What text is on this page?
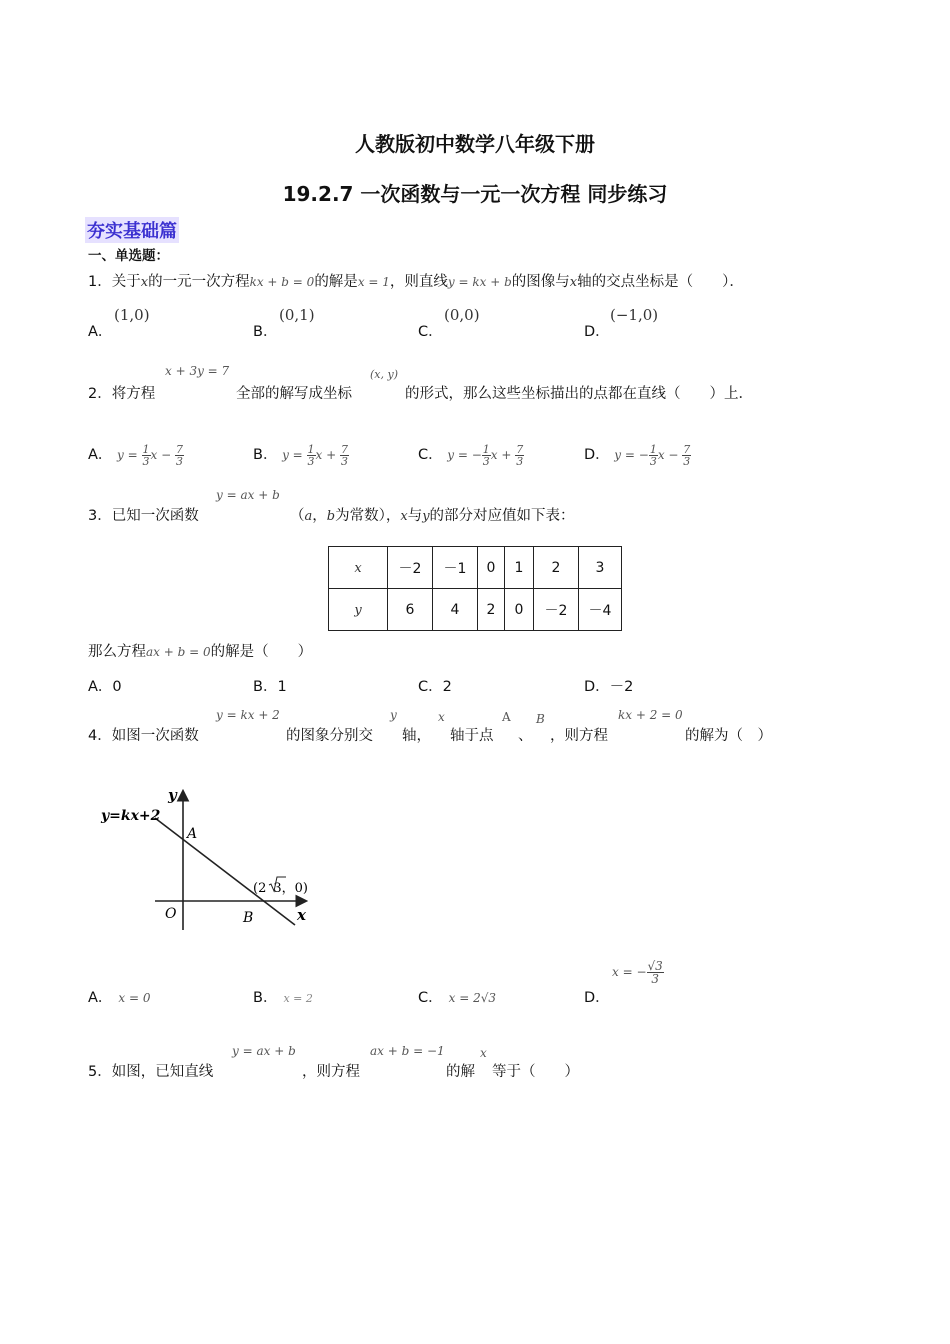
人教版初中数学八年级下册
19.2.7 一次函数与一元一次方程 同步练习
夯实基础篇
一、单选题：
1．关于x的一元一次方程kx + b = 0的解是x = 1，则直线y = kx + b的图像与x轴的交点坐标是（　　）．
A．
(1,0)
B．
(0,1)
C．
(0,0)
D．
(−1,0)
2．将方程
x + 3y = 7
全部的解写成坐标
(x, y)
的形式，那么这些坐标描出的点都在直线（　　）上．
A． $y = \frac{1}{3}$ $x - \frac{7}{3}$	B． $y = \frac{1}{3}$ $x + \frac{7}{3}$	C． y = − $\frac{1}{3}$ $x + \frac{7}{3}$	D． y = − $\frac{1}{3}$ $x - \frac{7}{3}$
3．已知一次函数
y = ax + b
（a，b为常数），x与y的部分对应值如下表：
x	－2	－1	0	1	2	3
y	6	4	2	0	－2	－4
那么方程ax + b = 0的解是（　　）
A．0	B．1	C．2	D．－2
4．如图一次函数
y = kx + 2
的图象分别交
y
轴，
x
轴于点
A
、
B
，则方程
kx + 2 = 0
的解为（　）
y=kx+2
y
x
O
A
B
(2 3，0)
A． x = 0	B． x = 2	C． x = 2√3	D．
x = − $\frac{√3}{3}$
5．如图，已知直线
y = ax + b
，则方程
ax + b = −1
的解
x
等于（　　）
